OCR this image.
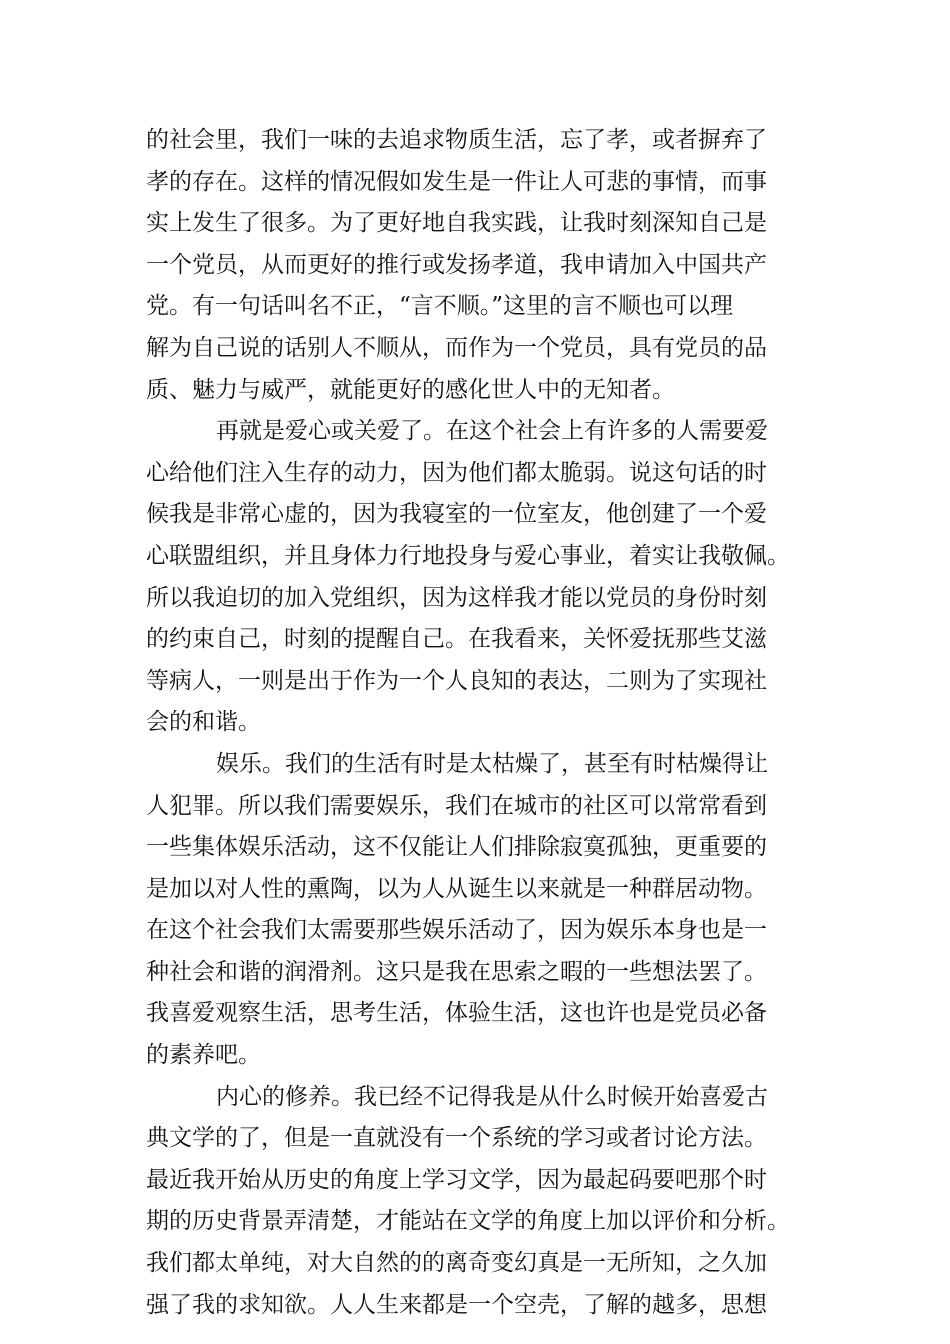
的社会里，我们一味的去追求物质生活，忘了孝，或者摒弃了
孝的存在。这样的情况假如发生是一件让人可悲的事情，而事
实上发生了很多。为了更好地自我实践，让我时刻深知自己是
一个党员，从而更好的推行或发扬孝道，我申请加入中国共产
党。有一句话叫名不正，“言不顺。”这里的言不顺也可以理
解为自己说的话别人不顺从，而作为一个党员，具有党员的品
质、魅力与威严，就能更好的感化世人中的无知者。
再就是爱心或关爱了。在这个社会上有许多的人需要爱
心给他们注入生存的动力，因为他们都太脆弱。说这句话的时
候我是非常心虚的，因为我寝室的一位室友，他创建了一个爱
心联盟组织，并且身体力行地投身与爱心事业，着实让我敬佩。
所以我迫切的加入党组织，因为这样我才能以党员的身份时刻
的约束自己，时刻的提醒自己。在我看来，关怀爱抚那些艾滋
等病人，一则是出于作为一个人良知的表达，二则为了实现社
会的和谐。
娱乐。我们的生活有时是太枯燥了，甚至有时枯燥得让
人犯罪。所以我们需要娱乐，我们在城市的社区可以常常看到
一些集体娱乐活动，这不仅能让人们排除寂寞孤独，更重要的
是加以对人性的熏陶，以为人从诞生以来就是一种群居动物。
在这个社会我们太需要那些娱乐活动了，因为娱乐本身也是一
种社会和谐的润滑剂。这只是我在思索之暇的一些想法罢了。
我喜爱观察生活，思考生活，体验生活，这也许也是党员必备
的素养吧。
内心的修养。我已经不记得我是从什么时候开始喜爱古
典文学的了，但是一直就没有一个系统的学习或者讨论方法。
最近我开始从历史的角度上学习文学，因为最起码要吧那个时
期的历史背景弄清楚，才能站在文学的角度上加以评价和分析。
我们都太单纯，对大自然的的离奇变幻真是一无所知，之久加
强了我的求知欲。人人生来都是一个空壳，了解的越多，思想
